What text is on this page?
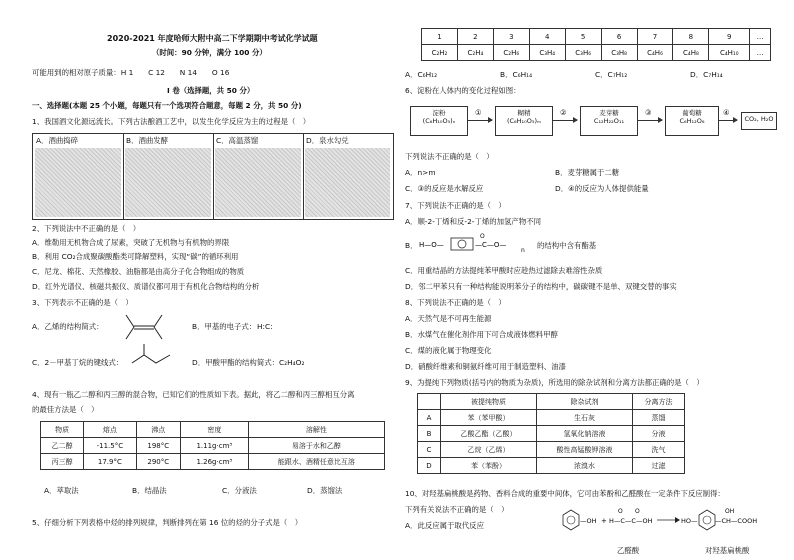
2020-2021 年度哈师大附中高二下学期期中考试化学试题
（时间：90 分钟，满分 100 分）
可能用到的相对原子质量：H 1　　C 12　　N 14　　O 16
I 卷（选择题，共 50 分）
一、选择题(本题 25 个小题，每题只有一个选项符合题意，每题 2 分，共 50 分)
1、我国酒文化源远流长。下列古法酿酒工艺中，以发生化学反应为主的过程是（　）
A．酒曲捣碎	B．酒曲发酵	C．高温蒸馏	D．泉水勾兑
2、下列说法中不正确的是（　）
A．维勒用无机物合成了尿素，突破了无机物与有机物的界限
B．利用 CO₂合成聚碳酸酯类可降解塑料，实现“碳”的循环利用
C．尼龙、棉花、天然橡胶、油脂都是由高分子化合物组成的物质
D．红外光谱仪、核磁共振仪、质谱仪都可用于有机化合物结构的分析
3、下列表示不正确的是（　）
A．乙烯的结构简式：	B．甲基的电子式： H:C:
C．2－甲基丁烷的键线式：	D．甲酸甲酯的结构简式：C₂H₄O₂
4、现有一瓶乙二醇和丙三醇的混合物，已知它们的性质如下表。据此，将乙二醇和丙三醇相互分离
的最佳方法是（　）
物质	熔点	沸点	密度	溶解性
乙二醇	-11.5°C	198°C	1.11g·cm³	易溶于水和乙醇
丙三醇	17.9°C	290°C	1.26g·cm³	能跟水、酒精任意比互溶
A．萃取法	B．结晶法	C．分液法	D．蒸馏法
5、仔细分析下列表格中烃的排列规律，判断排列在第 16 位的烃的分子式是（　）
1	2	3	4	5	6	7	8	9	…
C₂H₂	C₂H₄	C₂H₆	C₃H₄	C₃H₆	C₃H₈	C₄H₆	C₄H₈	C₄H₁₀	…
A．C₆H₁₂	B．C₆H₁₄	C．C₇H₁₂	D．C₇H₁₄
6、淀粉在人体内的变化过程如图：
淀粉
(C₆H₁₀O₅)ₙ
①	糊精
(C₆H₁₀O₅)ₘ
②	麦芽糖
C₁₂H₂₂O₁₁
③	葡萄糖
C₆H₁₂O₆
④
CO₂, H₂O
下列说法不正确的是（　）
A．n>m	B．麦芽糖属于二糖
C．③的反应是水解反应	D．④的反应为人体提供能量
7、下列说法不正确的是（　）
A．顺-2-丁烯和反-2-丁烯的加氢产物不同
B． H—O—	—C—O—
O
n
的结构中含有酯基
C．用重结晶的方法提纯苯甲酸时应趁热过滤除去难溶性杂质
D．邻二甲苯只有一种结构能说明苯分子的结构中，碳碳键不是单、双键交替的事实
8、下列说法不正确的是（　）
A．天然气是不可再生能源
B．水煤气在催化剂作用下可合成液体燃料甲醇
C．煤的液化属于物理变化
D．硝酸纤维素和铜氨纤维可用于制造塑料、油漆
9、为提纯下列物质(括号内的物质为杂质)，所选用的除杂试剂和分离方法都正确的是（　）
	被提纯物质	除杂试剂	分离方法
A	苯（苯甲酸）	生石灰	蒸馏
B	乙酸乙酯（乙酸）	氢氧化钠溶液	分液
C	乙烷（乙烯）	酸性高锰酸钾溶液	洗气
D	苯（苯酚）	浓溴水	过滤
10、对羟基扁桃酸是药物、香料合成的重要中间体，它可由苯酚和乙醛酸在一定条件下反应制得：
下列有关说法不正确的是（　）
A．此反应属于取代反应	—OH + H—C—C—OH
O O
HO—	—CH—COOH
OH
乙醛酸	对羟基扁桃酸
